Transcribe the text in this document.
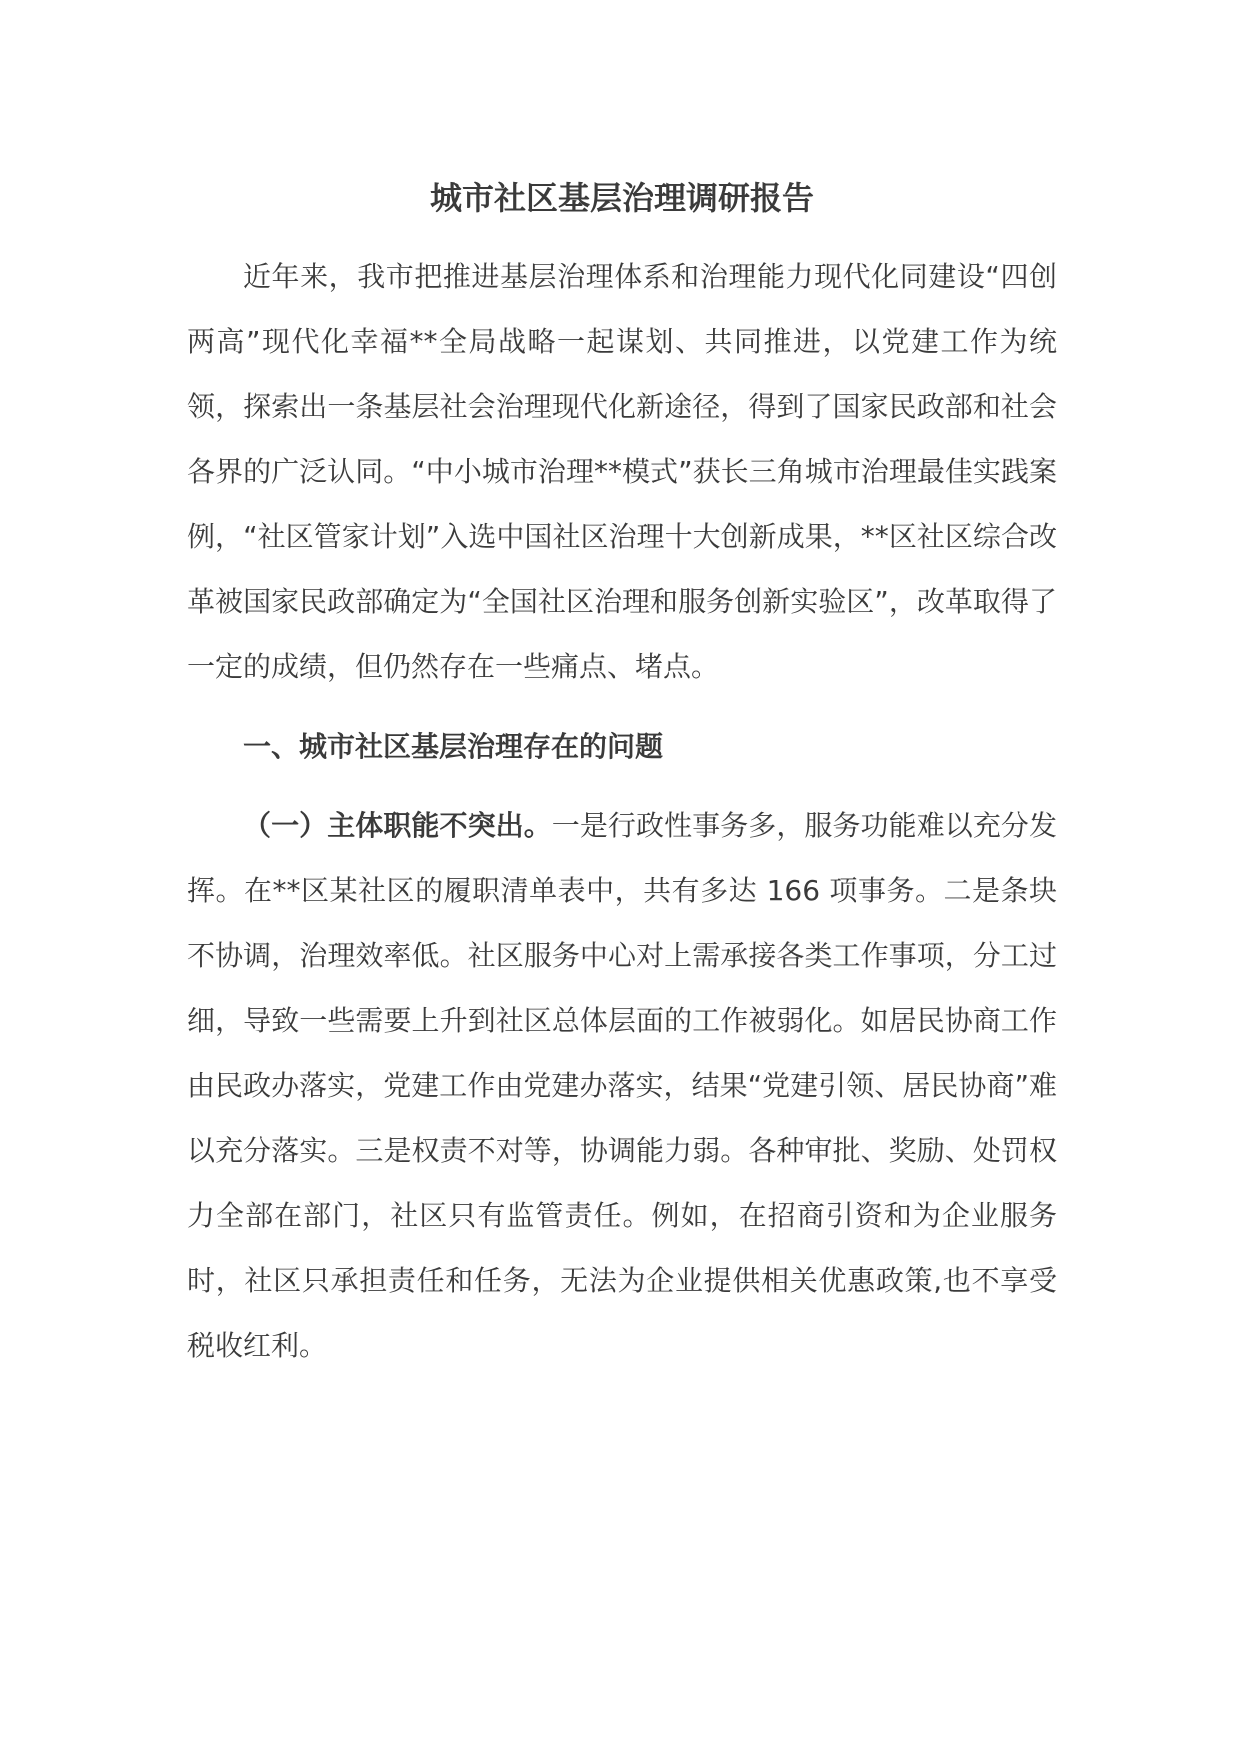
城市社区基层治理调研报告

近年来，我市把推进基层治理体系和治理能力现代化同建设“四创两高”现代化幸福**全局战略一起谋划、共同推进，以党建工作为统领，探索出一条基层社会治理现代化新途径，得到了国家民政部和社会各界的广泛认同。“中小城市治理**模式”获长三角城市治理最佳实践案例，“社区管家计划”入选中国社区治理十大创新成果，**区社区综合改革被国家民政部确定为“全国社区治理和服务创新实验区”，改革取得了一定的成绩，但仍然存在一些痛点、堵点。

一、城市社区基层治理存在的问题

（一）主体职能不突出。一是行政性事务多，服务功能难以充分发挥。在**区某社区的履职清单表中，共有多达 166 项事务。二是条块不协调，治理效率低。社区服务中心对上需承接各类工作事项，分工过细，导致一些需要上升到社区总体层面的工作被弱化。如居民协商工作由民政办落实，党建工作由党建办落实，结果“党建引领、居民协商”难以充分落实。三是权责不对等，协调能力弱。各种审批、奖励、处罚权力全部在部门，社区只有监管责任。例如，在招商引资和为企业服务时，社区只承担责任和任务，无法为企业提供相关优惠政策,也不享受税收红利。
